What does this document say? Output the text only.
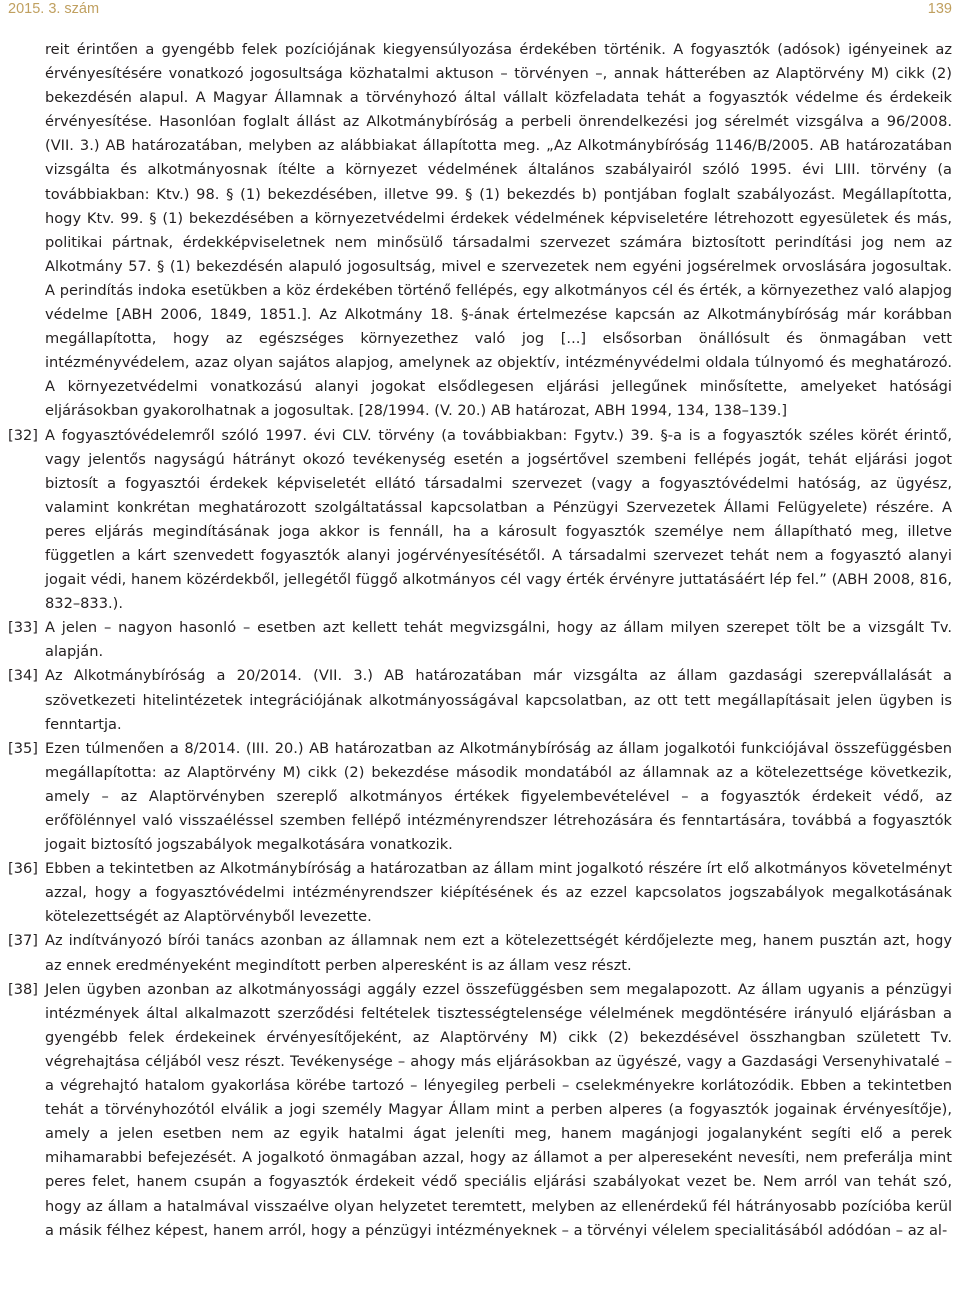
2015. 3. szám	139
reit érintően a gyengébb felek pozíciójának kiegyensúlyozása érdekében történik. A fogyasztók (adósok) igényeinek az érvényesítésére vonatkozó jogosultsága közhatalmi aktuson – törvényen –, annak hátterében az Alaptörvény M) cikk (2) bekezdésén alapul. A Magyar Államnak a törvényhozó által vállalt közfeladata tehát a fogyasztók védelme és érdekeik érvényesítése. Hasonlóan foglalt állást az Alkotmánybíróság a perbeli önrendelkezési jog sérelmét vizsgálva a 96/2008. (VII. 3.) AB határozatában, melyben az alábbiakat állapította meg. „Az Alkotmánybíróság 1146/B/2005. AB határozatában vizsgálta és alkotmányosnak ítélte a környezet védelmének általános szabályairól szóló 1995. évi LIII. törvény (a továbbiakban: Ktv.) 98. § (1) bekezdésében, illetve 99. § (1) bekezdés b) pontjában foglalt szabályozást. Megállapította, hogy Ktv. 99. § (1) bekezdésében a környezetvédelmi érdekek védelmének képviseletére létrehozott egyesületek és más, politikai pártnak, érdekképviseletnek nem minősülő társadalmi szervezet számára biztosított perindítási jog nem az Alkotmány 57. § (1) bekezdésén alapuló jogosultság, mivel e szervezetek nem egyéni jogsérelmek orvoslására jogosultak. A perindítás indoka esetükben a köz érdekében történő fellépés, egy alkotmányos cél és érték, a környezethez való alapjog védelme [ABH 2006, 1849, 1851.]. Az Alkotmány 18. §-ának értelmezése kapcsán az Alkotmánybíróság már korábban megállapította, hogy az egészséges környezethez való jog [...] elsősorban önállósult és önmagában vett intézményvédelem, azaz olyan sajátos alapjog, amelynek az objektív, intézményvédelmi oldala túlnyomó és meghatározó. A környezetvédelmi vonatkozású alanyi jogokat elsődlegesen eljárási jellegűnek minősítette, amelyeket hatósági eljárásokban gyakorolhatnak a jogosultak. [28/1994. (V. 20.) AB határozat, ABH 1994, 134, 138–139.]
[32] A fogyasztóvédelemről szóló 1997. évi CLV. törvény (a továbbiakban: Fgytv.) 39. §-a is a fogyasztók széles körét érintő, vagy jelentős nagyságú hátrányt okozó tevékenység esetén a jogsértővel szembeni fellépés jogát, tehát eljárási jogot biztosít a fogyasztói érdekek képviseletét ellátó társadalmi szervezet (vagy a fogyasztóvédelmi hatóság, az ügyész, valamint konkrétan meghatározott szolgáltatással kapcsolatban a Pénzügyi Szervezetek Állami Felügyelete) részére. A peres eljárás megindításának joga akkor is fennáll, ha a károsult fogyasztók személye nem állapítható meg, illetve független a kárt szenvedett fogyasztók alanyi jogérvényesítésétől. A társadalmi szervezet tehát nem a fogyasztó alanyi jogait védi, hanem közérdekből, jellegétől függő alkotmányos cél vagy érték érvényre juttatásáért lép fel.” (ABH 2008, 816, 832–833.).
[33] A jelen – nagyon hasonló – esetben azt kellett tehát megvizsgálni, hogy az állam milyen szerepet tölt be a vizsgált Tv. alapján.
[34] Az Alkotmánybíróság a 20/2014. (VII. 3.) AB határozatában már vizsgálta az állam gazdasági szerepvállalását a szövetkezeti hitelintézetek integrációjának alkotmányosságával kapcsolatban, az ott tett megállapításait jelen ügyben is fenntartja.
[35] Ezen túlmenően a 8/2014. (III. 20.) AB határozatban az Alkotmánybíróság az állam jogalkotói funkciójával összefüggésben megállapította: az Alaptörvény M) cikk (2) bekezdése második mondatából az államnak az a kötelezettsége következik, amely – az Alaptörvényben szereplő alkotmányos értékek figyelembevételével – a fogyasztók érdekeit védő, az erőfölénnyel való visszaéléssel szemben fellépő intézményrendszer létrehozására és fenntartására, továbbá a fogyasztók jogait biztosító jogszabályok megalkotására vonatkozik.
[36] Ebben a tekintetben az Alkotmánybíróság a határozatban az állam mint jogalkotó részére írt elő alkotmányos követelményt azzal, hogy a fogyasztóvédelmi intézményrendszer kiépítésének és az ezzel kapcsolatos jogszabályok megalkotásának kötelezettségét az Alaptörvényből levezette.
[37] Az indítványozó bírói tanács azonban az államnak nem ezt a kötelezettségét kérdőjelezte meg, hanem pusztán azt, hogy az ennek eredményeként megindított perben alperesként is az állam vesz részt.
[38] Jelen ügyben azonban az alkotmányossági aggály ezzel összefüggésben sem megalapozott. Az állam ugyanis a pénzügyi intézmények által alkalmazott szerződési feltételek tisztességtelensége vélelmének megdöntésére irányuló eljárásban a gyengébb felek érdekeinek érvényesítőjeként, az Alaptörvény M) cikk (2) bekezdésével összhangban született Tv. végrehajtása céljából vesz részt. Tevékenysége – ahogy más eljárásokban az ügyészé, vagy a Gazdasági Versenyhivatalé – a végrehajtó hatalom gyakorlása körébe tartozó – lényegileg perbeli – cselekményekre korlátozódik. Ebben a tekintetben tehát a törvényhozótól elválik a jogi személy Magyar Állam mint a perben alperes (a fogyasztók jogainak érvényesítője), amely a jelen esetben nem az egyik hatalmi ágat jeleníti meg, hanem magánjogi jogalanyként segíti elő a perek mihamarabbi befejezését. A jogalkotó önmagában azzal, hogy az államot a per alpereseként nevesíti, nem preferálja mint peres felet, hanem csupán a fogyasztók érdekeit védő speciális eljárási szabályokat vezet be. Nem arról van tehát szó, hogy az állam a hatalmával visszaélve olyan helyzetet teremtett, melyben az ellenérdekű fél hátrányosabb pozícióba kerül a másik félhez képest, hanem arról, hogy a pénzügyi intézményeknek – a törvényi vélelem specialitásából adódóan – az al-
